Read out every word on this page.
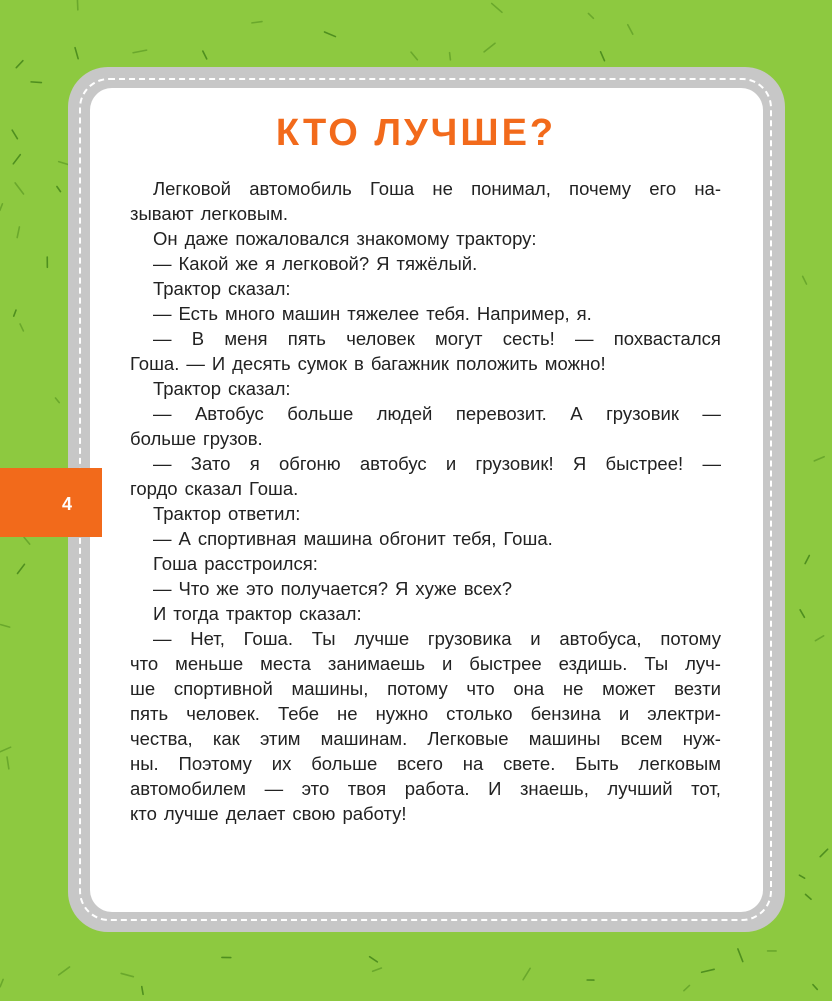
КТО ЛУЧШЕ?
Легковой автомобиль Гоша не понимал, почему его на-
зывают легковым.
Он даже пожаловался знакомому трактору:
— Какой же я легковой? Я тяжёлый.
Трактор сказал:
— Есть много машин тяжелее тебя. Например, я.
— В меня пять человек могут сесть! — похвастался
Гоша. — И десять сумок в багажник положить можно!
Трактор сказал:
— Автобус больше людей перевозит. А грузовик —
больше грузов.
— Зато я обгоню автобус и грузовик! Я быстрее! —
гордо сказал Гоша.
Трактор ответил:
— А спортивная машина обгонит тебя, Гоша.
Гоша расстроился:
— Что же это получается? Я хуже всех?
И тогда трактор сказал:
— Нет, Гоша. Ты лучше грузовика и автобуса, потому
что меньше места занимаешь и быстрее ездишь. Ты луч-
ше спортивной машины, потому что она не может везти
пять человек. Тебе не нужно столько бензина и электри-
чества, как этим машинам. Легковые машины всем нуж-
ны. Поэтому их больше всего на свете. Быть легковым
автомобилем — это твоя работа. И знаешь, лучший тот,
кто лучше делает свою работу!
4
